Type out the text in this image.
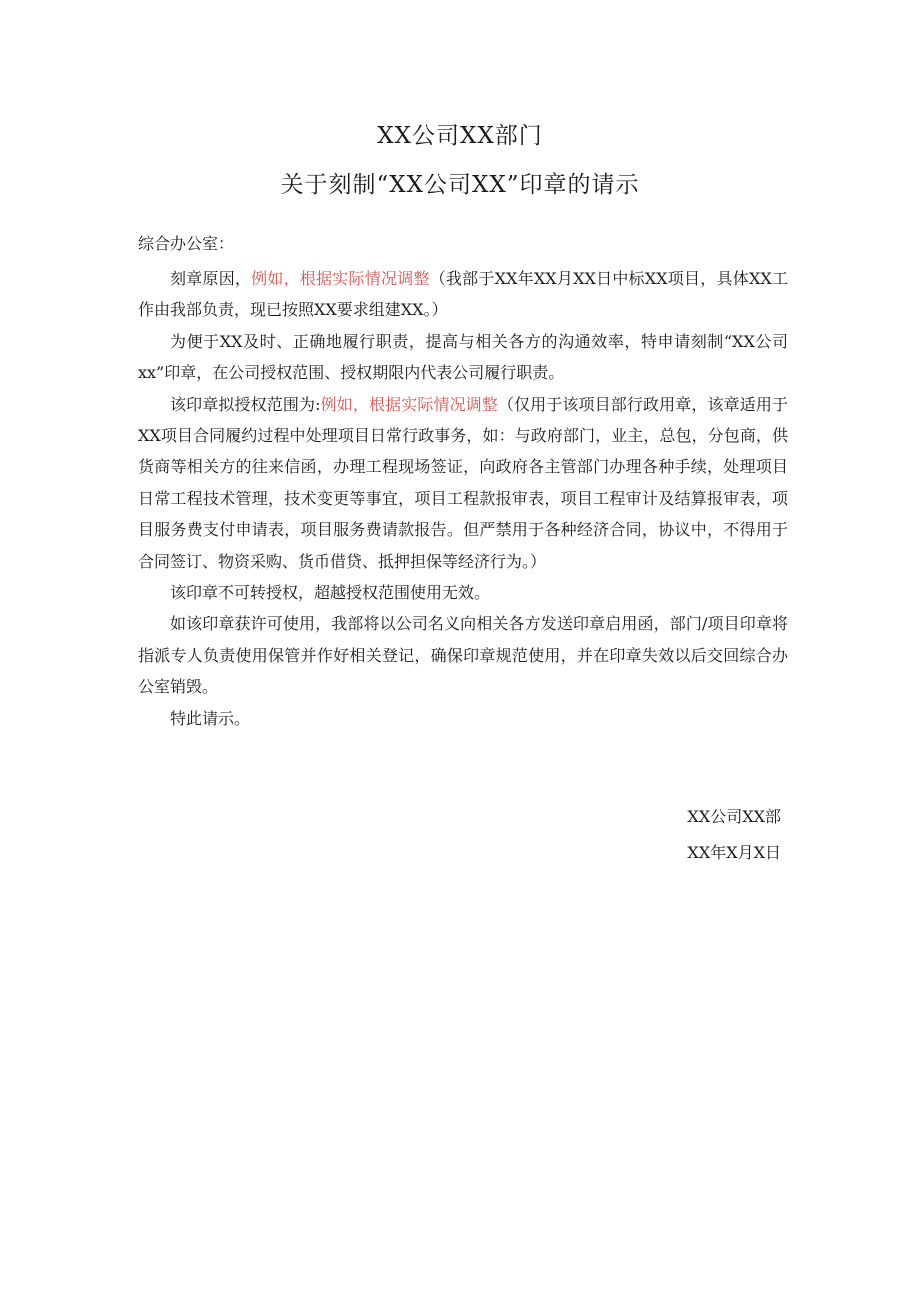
XX公司XX部门
关于刻制“XX公司XX”印章的请示
综合办公室：

刻章原因，例如，根据实际情况调整（我部于XX年XX月XX日中标XX项目，具体XX工作由我部负责，现已按照XX要求组建XX。）

为便于XX及时、正确地履行职责，提高与相关各方的沟通效率，特申请刻制“XX公司xx”印章，在公司授权范围、授权期限内代表公司履行职责。

该印章拟授权范围为:例如，根据实际情况调整（仅用于该项目部行政用章，该章适用于XX项目合同履约过程中处理项目日常行政事务，如：与政府部门，业主，总包，分包商，供货商等相关方的往来信函，办理工程现场签证，向政府各主管部门办理各种手续，处理项目日常工程技术管理，技术变更等事宜，项目工程款报审表，项目工程审计及结算报审表，项目服务费支付申请表，项目服务费请款报告。但严禁用于各种经济合同，协议中，不得用于合同签订、物资采购、货币借贷、抵押担保等经济行为。）

该印章不可转授权，超越授权范围使用无效。

如该印章获许可使用，我部将以公司名义向相关各方发送印章启用函，部门/项目印章将指派专人负责使用保管并作好相关登记，确保印章规范使用，并在印章失效以后交回综合办公室销毁。

特此请示。

XX公司XX部
XX年X月X日
